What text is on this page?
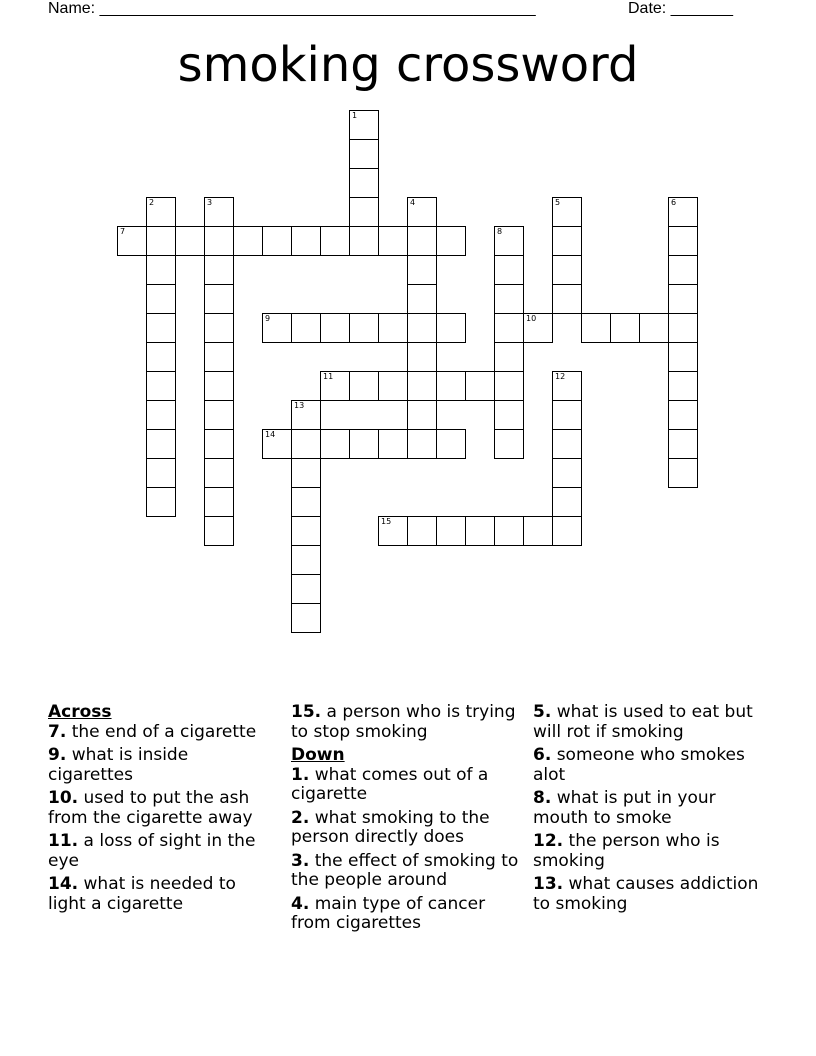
Name: _________________________________________________	Date: _______
smoking crossword
1
2	3	4	5	6
7	8
9	10
11	12
13
14
15
Across
7. the end of a cigarette
9. what is inside cigarettes
10. used to put the ash from the cigarette away
11. a loss of sight in the eye
14. what is needed to light a cigarette
15. a person who is trying to stop smoking
Down
1. what comes out of a cigarette
2. what smoking to the person directly does
3. the effect of smoking to the people around
4. main type of cancer from cigarettes
5. what is used to eat but will rot if smoking
6. someone who smokes alot
8. what is put in your mouth to smoke
12. the person who is smoking
13. what causes addiction to smoking
